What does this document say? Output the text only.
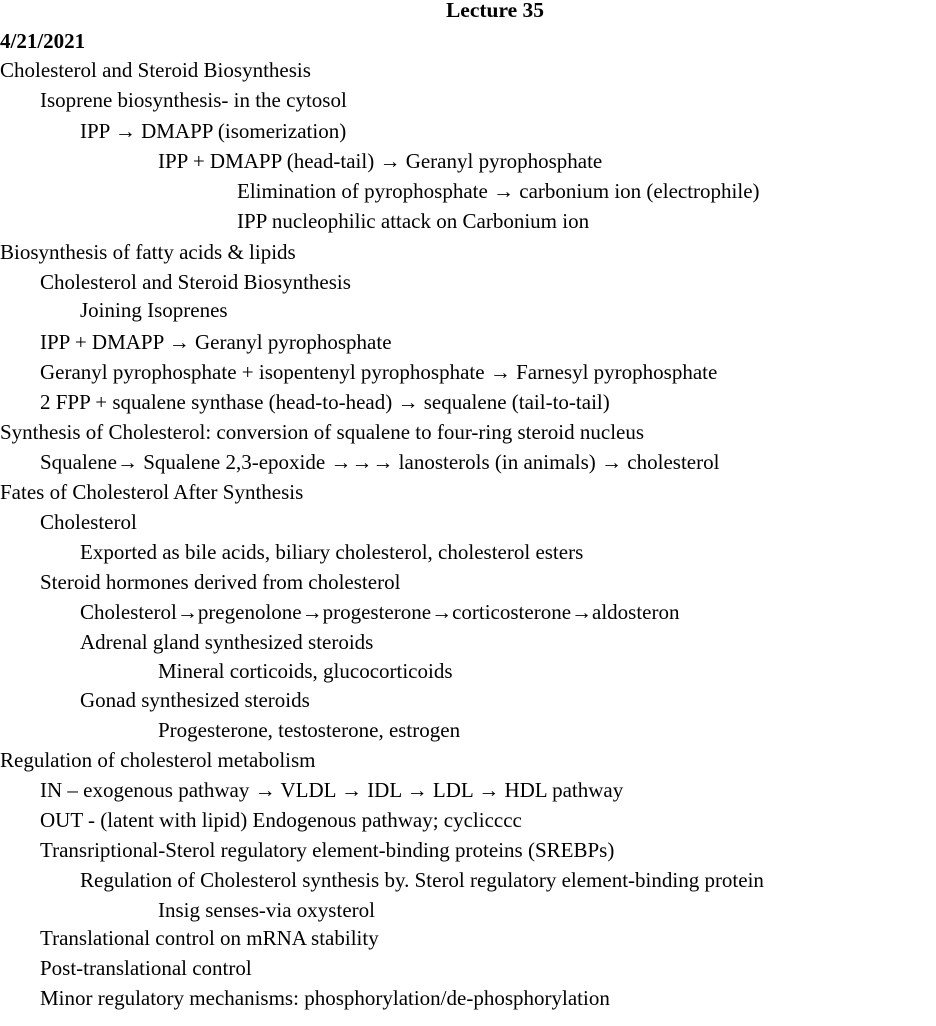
Lecture 35
4/21/2021
Cholesterol and Steroid Biosynthesis
Isoprene biosynthesis- in the cytosol
IPP → DMAPP (isomerization)
IPP + DMAPP (head-tail) → Geranyl pyrophosphate
Elimination of pyrophosphate → carbonium ion (electrophile)
IPP nucleophilic attack on Carbonium ion
Biosynthesis of fatty acids & lipids
Cholesterol and Steroid Biosynthesis
Joining Isoprenes
IPP + DMAPP → Geranyl pyrophosphate
Geranyl pyrophosphate + isopentenyl pyrophosphate → Farnesyl pyrophosphate
2 FPP + squalene synthase (head-to-head) → sequalene (tail-to-tail)
Synthesis of Cholesterol: conversion of squalene to four-ring steroid nucleus
Squalene→ Squalene 2,3-epoxide →→→ lanosterols (in animals) → cholesterol
Fates of Cholesterol After Synthesis
Cholesterol
Exported as bile acids, biliary cholesterol, cholesterol esters
Steroid hormones derived from cholesterol
Cholesterol→pregenolone→progesterone→corticosterone→aldosteron
Adrenal gland synthesized steroids
Mineral corticoids, glucocorticoids
Gonad synthesized steroids
Progesterone, testosterone, estrogen
Regulation of cholesterol metabolism
IN – exogenous pathway → VLDL → IDL → LDL → HDL pathway
OUT - (latent with lipid) Endogenous pathway; cyclicccc
Transriptional-Sterol regulatory element-binding proteins (SREBPs)
Regulation of Cholesterol synthesis by. Sterol regulatory element-binding protein
Insig senses-via oxysterol
Translational control on mRNA stability
Post-translational control
Minor regulatory mechanisms: phosphorylation/de-phosphorylation
